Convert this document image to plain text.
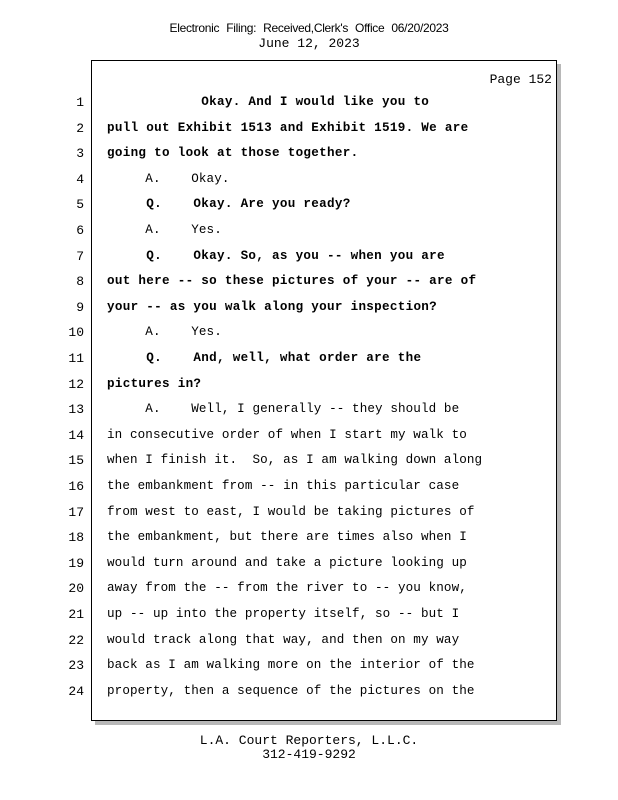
Electronic Filing: Received,Clerk's Office 06/20/2023
June 12, 2023
Page 152
1 Okay. And I would like you to
2 pull out Exhibit 1513 and Exhibit 1519. We are
3 going to look at those together.
4 A.    Okay.
5 Q.    Okay. Are you ready?
6 A.    Yes.
7 Q.    Okay. So, as you -- when you are
8 out here -- so these pictures of your -- are of
9 your -- as you walk along your inspection?
10 A.    Yes.
11 Q.    And, well, what order are the
12 pictures in?
13 A.    Well, I generally -- they should be
14 in consecutive order of when I start my walk to
15 when I finish it.  So, as I am walking down along
16 the embankment from -- in this particular case
17 from west to east, I would be taking pictures of
18 the embankment, but there are times also when I
19 would turn around and take a picture looking up
20 away from the -- from the river to -- you know,
21 up -- up into the property itself, so -- but I
22 would track along that way, and then on my way
23 back as I am walking more on the interior of the
24 property, then a sequence of the pictures on the
L.A. Court Reporters, L.L.C.
312-419-9292
